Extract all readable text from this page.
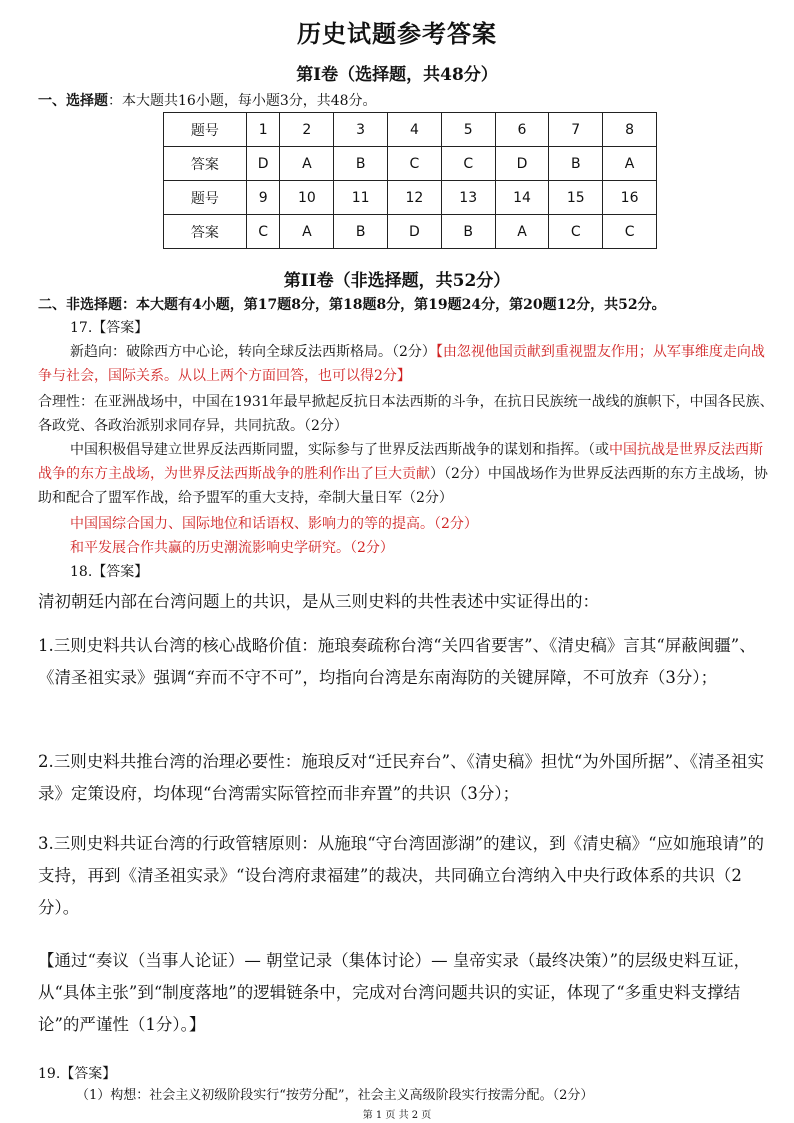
历史试题参考答案
第Ⅰ卷（选择题，共48分）
一、选择题：本大题共16小题，每小题3分，共48分。
题号	1	2	3	4	5	6	7	8
答案	D	A	B	C	C	D	B	A
题号	9	10	11	12	13	14	15	16
答案	C	A	B	D	B	A	C	C
第II卷（非选择题，共52分）
二、非选择题：本大题有4小题，第17题8分，第18题8分，第19题24分，第20题12分，共52分。
17.【答案】
新趋向：破除西方中心论，转向全球反法西斯格局。（2分）【由忽视他国贡献到重视盟友作用；从军事维度走向战争与社会，国际关系。从以上两个方面回答，也可以得2分】
合理性：在亚洲战场中，中国在1931年最早掀起反抗日本法西斯的斗争，在抗日民族统一战线的旗帜下，中国各民族、各政党、各政治派别求同存异，共同抗敌。（2分）
中国积极倡导建立世界反法西斯同盟，实际参与了世界反法西斯战争的谋划和指挥。（或中国抗战是世界反法西斯战争的东方主战场，为世界反法西斯战争的胜利作出了巨大贡献）（2分）中国战场作为世界反法西斯的东方主战场，协助和配合了盟军作战，给予盟军的重大支持，牵制大量日军（2分）
中国国综合国力、国际地位和话语权、影响力的等的提高。（2分）
和平发展合作共赢的历史潮流影响史学研究。（2分）
18.【答案】
清初朝廷内部在台湾问题上的共识，是从三则史料的共性表述中实证得出的：
1.三则史料共认台湾的核心战略价值：施琅奏疏称台湾“关四省要害”、《清史稿》言其“屏蔽闽疆”、《清圣祖实录》强调“弃而不守不可”，均指向台湾是东南海防的关键屏障，不可放弃（3分）；
2.三则史料共推台湾的治理必要性：施琅反对“迁民弃台”、《清史稿》担忧“为外国所据”、《清圣祖实录》定策设府，均体现“台湾需实际管控而非弃置”的共识（3分）；
3.三则史料共证台湾的行政管辖原则：从施琅“守台湾固澎湖”的建议，到《清史稿》“应如施琅请”的支持，再到《清圣祖实录》“设台湾府隶福建”的裁决，共同确立台湾纳入中央行政体系的共识（2分）。
【通过“奏议（当事人论证）— 朝堂记录（集体讨论）— 皇帝实录（最终决策）”的层级史料互证，从“具体主张”到“制度落地”的逻辑链条中，完成对台湾问题共识的实证，体现了“多重史料支撑结论”的严谨性（1分）。】
19.【答案】
（1）构想：社会主义初级阶段实行“按劳分配”，社会主义高级阶段实行按需分配。（2分）
第 1 页 共 2 页
